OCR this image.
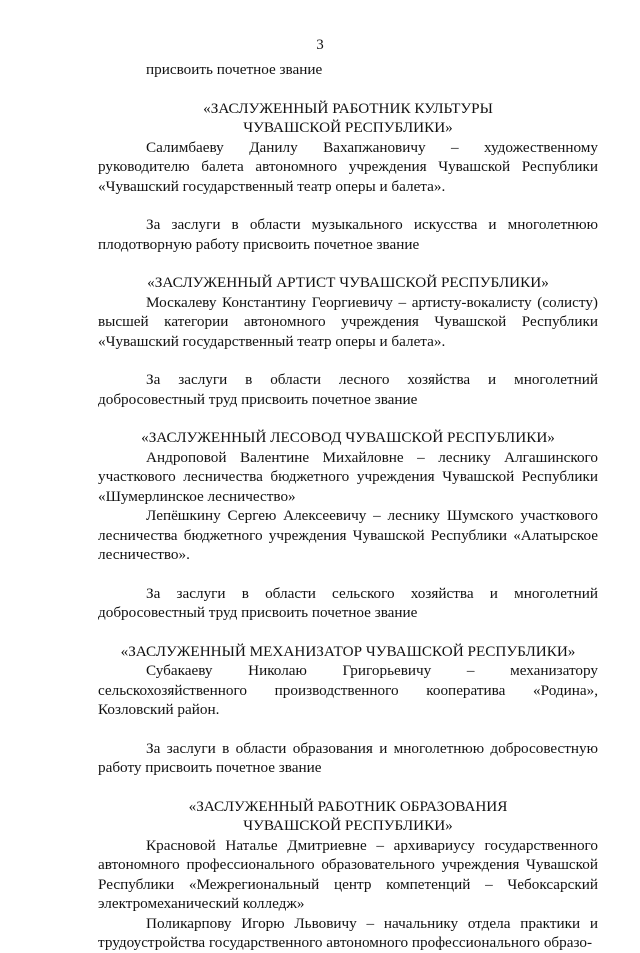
3

присвоить почетное звание

«ЗАСЛУЖЕННЫЙ РАБОТНИК КУЛЬТУРЫ

ЧУВАШСКОЙ РЕСПУБЛИКИ»

Салимбаеву Данилу Вахапжановичу – художественному руководителю балета автономного учреждения Чувашской Республики «Чувашский государственный театр оперы и балета».

За заслуги в области музыкального искусства и многолетнюю плодотворную работу присвоить почетное звание

«ЗАСЛУЖЕННЫЙ АРТИСТ ЧУВАШСКОЙ РЕСПУБЛИКИ»

Москалеву Константину Георгиевичу – артисту-вокалисту (солисту) высшей категории автономного учреждения Чувашской Республики «Чувашский государственный театр оперы и балета».

За заслуги в области лесного хозяйства и многолетний добросовестный труд присвоить почетное звание

«ЗАСЛУЖЕННЫЙ ЛЕСОВОД ЧУВАШСКОЙ РЕСПУБЛИКИ»

Андроповой Валентине Михайловне – леснику Алгашинского участкового лесничества бюджетного учреждения Чувашской Республики «Шумерлинское лесничество»

Лепёшкину Сергею Алексеевичу – леснику Шумского участкового лесничества бюджетного учреждения Чувашской Республики «Алатырское лесничество».

За заслуги в области сельского хозяйства и многолетний добросовестный труд присвоить почетное звание

«ЗАСЛУЖЕННЫЙ МЕХАНИЗАТОР ЧУВАШСКОЙ РЕСПУБЛИКИ»

Субакаеву Николаю Григорьевичу – механизатору сельскохозяйственного производственного кооператива «Родина», Козловский район.

За заслуги в области образования и многолетнюю добросовестную работу присвоить почетное звание

«ЗАСЛУЖЕННЫЙ РАБОТНИК ОБРАЗОВАНИЯ

ЧУВАШСКОЙ РЕСПУБЛИКИ»

Красновой Наталье Дмитриевне – архивариусу государственного автономного профессионального образовательного учреждения Чувашской Республики «Межрегиональный центр компетенций – Чебоксарский электромеханический колледж»

Поликарпову Игорю Львовичу – начальнику отдела практики и трудоустройства государственного автономного профессионального образо-
